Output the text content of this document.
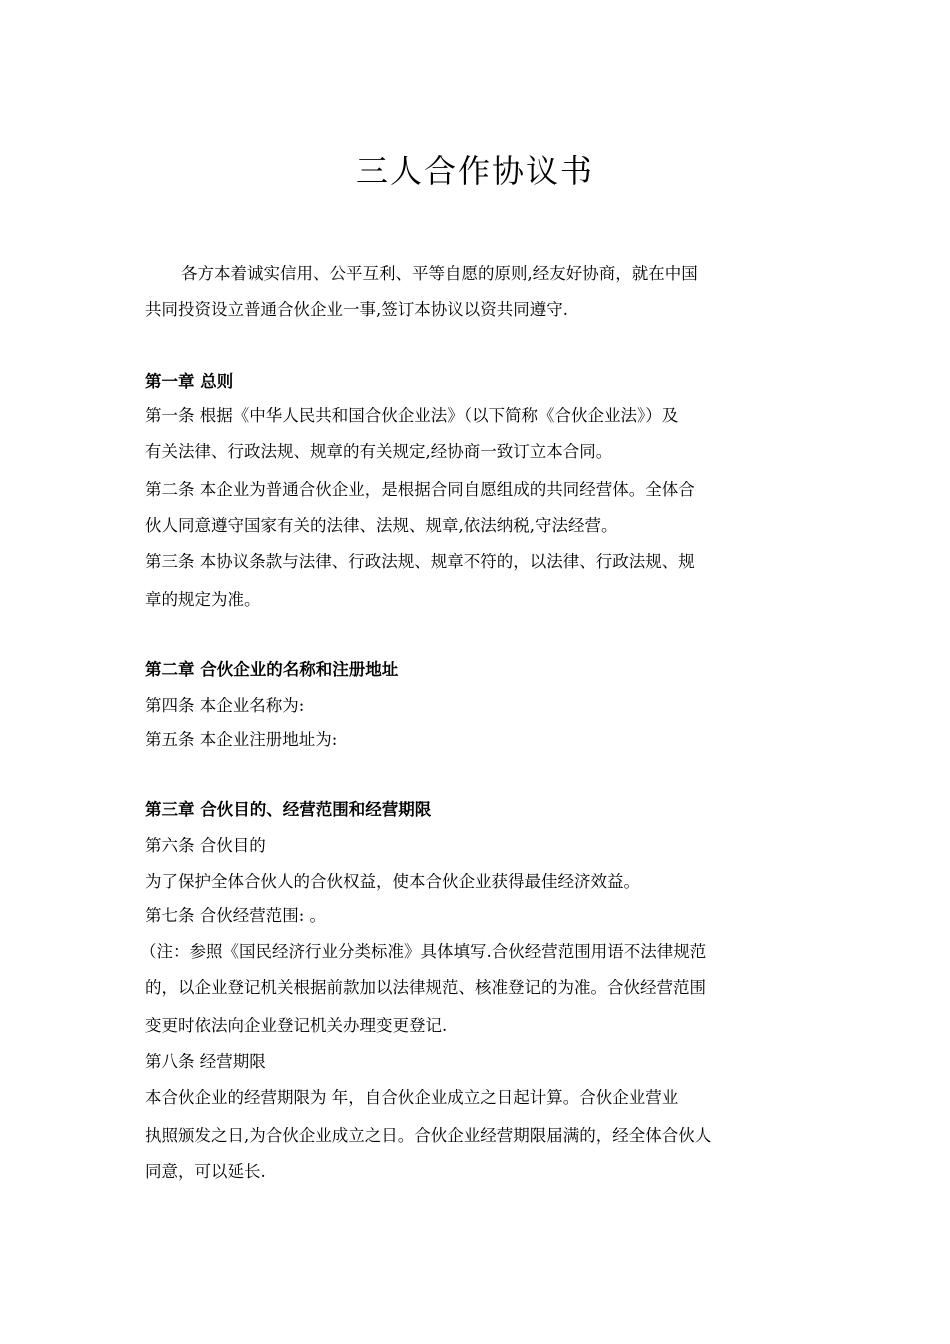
三人合作协议书
各方本着诚实信用、公平互利、平等自愿的原则,经友好协商，就在中国
共同投资设立普通合伙企业一事,签订本协议以资共同遵守.
第一章 总则
第一条 根据《中华人民共和国合伙企业法》（以下简称《合伙企业法》）及
有关法律、行政法规、规章的有关规定,经协商一致订立本合同。
第二条 本企业为普通合伙企业，是根据合同自愿组成的共同经营体。全体合
伙人同意遵守国家有关的法律、法规、规章,依法纳税,守法经营。
第三条 本协议条款与法律、行政法规、规章不符的，以法律、行政法规、规
章的规定为准。
第二章 合伙企业的名称和注册地址
第四条 本企业名称为:
第五条 本企业注册地址为:
第三章 合伙目的、经营范围和经营期限
第六条 合伙目的
为了保护全体合伙人的合伙权益，使本合伙企业获得最佳经济效益。
第七条 合伙经营范围: 。
（注：参照《国民经济行业分类标准》具体填写.合伙经营范围用语不法律规范
的，以企业登记机关根据前款加以法律规范、核准登记的为准。合伙经营范围
变更时依法向企业登记机关办理变更登记.
第八条 经营期限
本合伙企业的经营期限为 年，自合伙企业成立之日起计算。合伙企业营业
执照颁发之日,为合伙企业成立之日。合伙企业经营期限届满的，经全体合伙人
同意，可以延长.
